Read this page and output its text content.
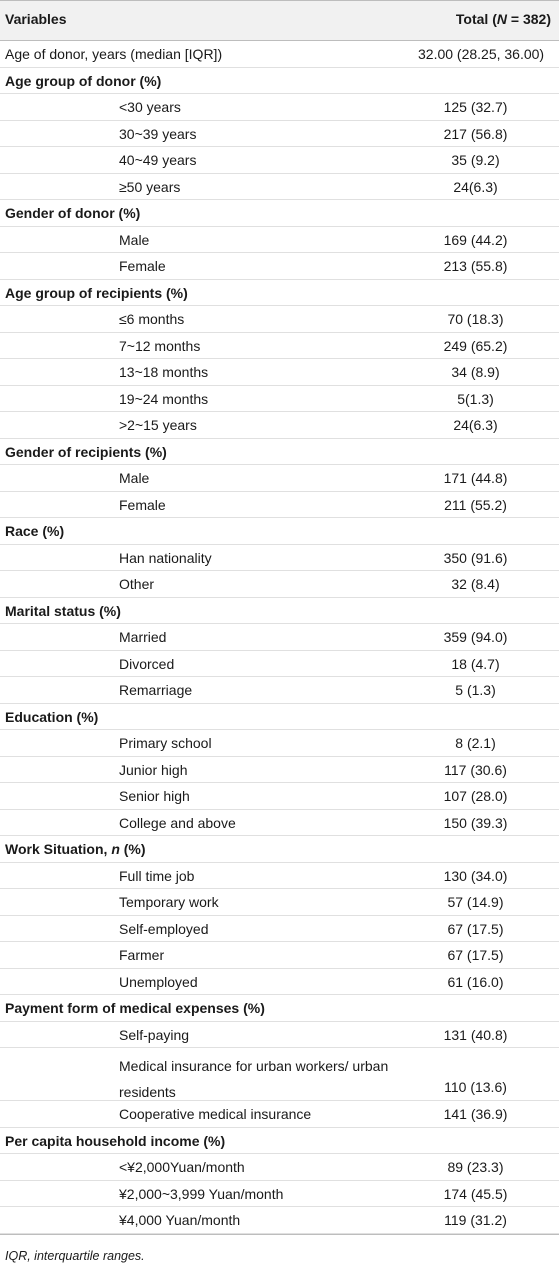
Variables	Total (N = 382)
Age of donor, years (median [IQR])	32.00 (28.25, 36.00)
Age group of donor (%)
<30 years	125 (32.7)
30~39 years	217 (56.8)
40~49 years	35 (9.2)
≥50 years	24(6.3)
Gender of donor (%)
Male	169 (44.2)
Female	213 (55.8)
Age group of recipients (%)
≤6 months	70 (18.3)
7~12 months	249 (65.2)
13~18 months	34 (8.9)
19~24 months	5(1.3)
>2~15 years	24(6.3)
Gender of recipients (%)
Male	171 (44.8)
Female	211 (55.2)
Race (%)
Han nationality	350 (91.6)
Other	32 (8.4)
Marital status (%)
Married	359 (94.0)
Divorced	18 (4.7)
Remarriage	5 (1.3)
Education (%)
Primary school	8 (2.1)
Junior high	117 (30.6)
Senior high	107 (28.0)
College and above	150 (39.3)
Work Situation, n (%)
Full time job	130 (34.0)
Temporary work	57 (14.9)
Self-employed	67 (17.5)
Farmer	67 (17.5)
Unemployed	61 (16.0)
Payment form of medical expenses (%)
Self-paying	131 (40.8)
Medical insurance for urban workers/ urban residents	110 (13.6)
Cooperative medical insurance	141 (36.9)
Per capita household income (%)
<¥2,000Yuan/month	89 (23.3)
¥2,000~3,999 Yuan/month	174 (45.5)
¥4,000 Yuan/month	119 (31.2)
IQR, interquartile ranges.
